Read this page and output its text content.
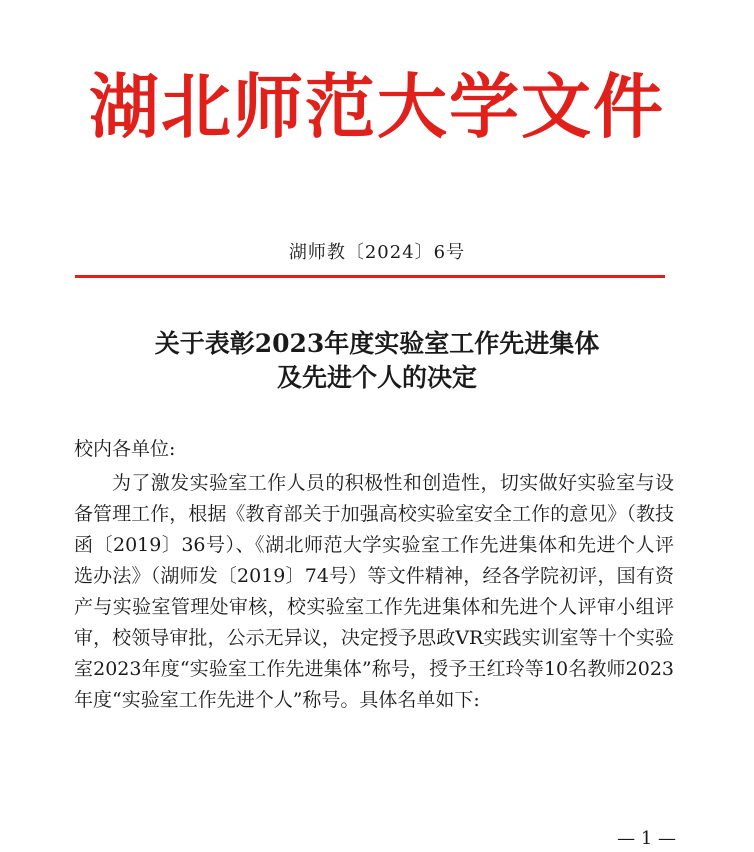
湖北师范大学文件
湖师教〔2024〕6号
关于表彰2023年度实验室工作先进集体
及先进个人的决定
校内各单位:
为了激发实验室工作人员的积极性和创造性，切实做好实验室与设备管理工作，根据《教育部关于加强高校实验室安全工作的意见》（教技函〔2019〕36号）、《湖北师范大学实验室工作先进集体和先进个人评选办法》（湖师发〔2019〕74号）等文件精神，经各学院初评，国有资产与实验室管理处审核，校实验室工作先进集体和先进个人评审小组评审，校领导审批，公示无异议，决定授予思政VR实践实训室等十个实验室2023年度“实验室工作先进集体”称号，授予王红玲等10名教师2023年度“实验室工作先进个人”称号。具体名单如下:
— 1 —
